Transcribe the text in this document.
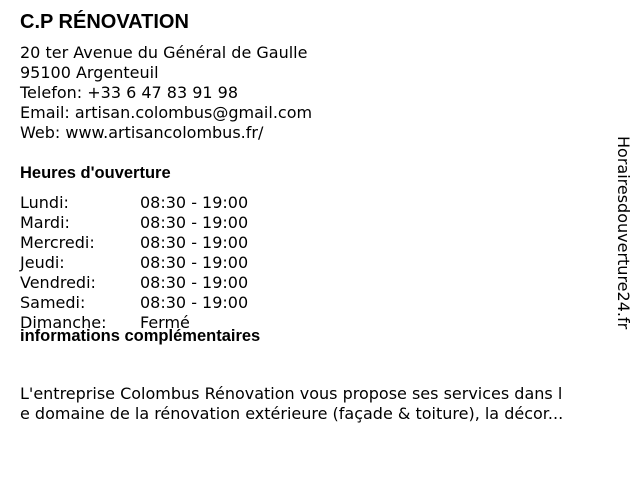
C.P RÉNOVATION
20 ter Avenue du Général de Gaulle
95100 Argenteuil
Telefon: +33 6 47 83 91 98
Email: artisan.colombus@gmail.com
Web: www.artisancolombus.fr/
Heures d'ouverture
Lundi:	08:30 - 19:00
Mardi:	08:30 - 19:00
Mercredi:	08:30 - 19:00
Jeudi:	08:30 - 19:00
Vendredi:	08:30 - 19:00
Samedi:	08:30 - 19:00
Dimanche: Fermé
informations complémentaires
L'entreprise Colombus Rénovation vous propose ses services dans l
e domaine de la rénovation extérieure (façade & toiture), la décor...
Horairesdouverture24.fr
